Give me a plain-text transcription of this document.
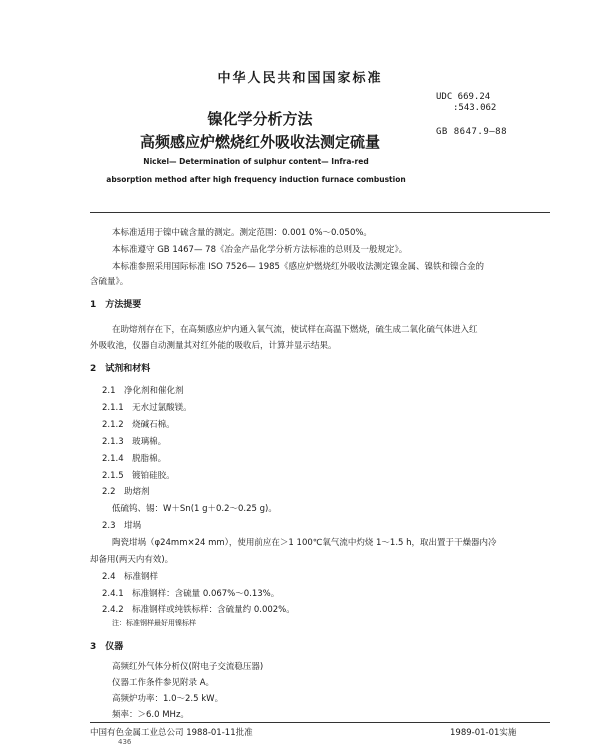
中华人民共和国国家标准
镍化学分析方法
高频感应炉燃烧红外吸收法测定硫量
UDC 669.24
:543.062
GB 8647.9—88
Nickel— Determination of sulphur content— Infra-red
absorption method after high frequency induction furnace combustion
本标准适用于镍中硫含量的测定。测定范围：0.001 0%～0.050%。
本标准遵守 GB 1467— 78《冶金产品化学分析方法标准的总则及一般规定》。
本标准参照采用国际标准 ISO 7526— 1985《感应炉燃烧红外吸收法测定镍金属、镍铁和镍合金的
含硫量》。
1　方法提要
在助熔剂存在下，在高频感应炉内通入氧气流，使试样在高温下燃烧，硫生成二氧化硫气体进入红
外吸收池，仪器自动测量其对红外能的吸收后，计算并显示结果。
2　试剂和材料
2.1　净化剂和催化剂
2.1.1　无水过氯酸镁。
2.1.2　烧碱石棉。
2.1.3　玻璃棉。
2.1.4　脱脂棉。
2.1.5　镀铂硅胶。
2.2　助熔剂
低硫钨、锡：W＋Sn(1 g＋0.2～0.25 g)。
2.3　坩埚
陶瓷坩埚（φ24mm×24 mm），使用前应在＞1 100℃氧气流中灼烧 1～1.5 h，取出置于干燥器内冷
却备用(两天内有效)。
2.4　标准钢样
2.4.1　标准钢样：含硫量 0.067%～0.13%。
2.4.2　标准钢样或纯铁标样：含硫量约 0.002%。
注：标准钢样最好用镍标样
3　仪器
高频红外气体分析仪(附电子交流稳压器)
仪器工作条件参见附录 A。
高频炉功率：1.0～2.5 kW。
频率：＞6.0 MHz。
中国有色金属工业总公司 1988-01-11批准	1989-01-01实施
436
